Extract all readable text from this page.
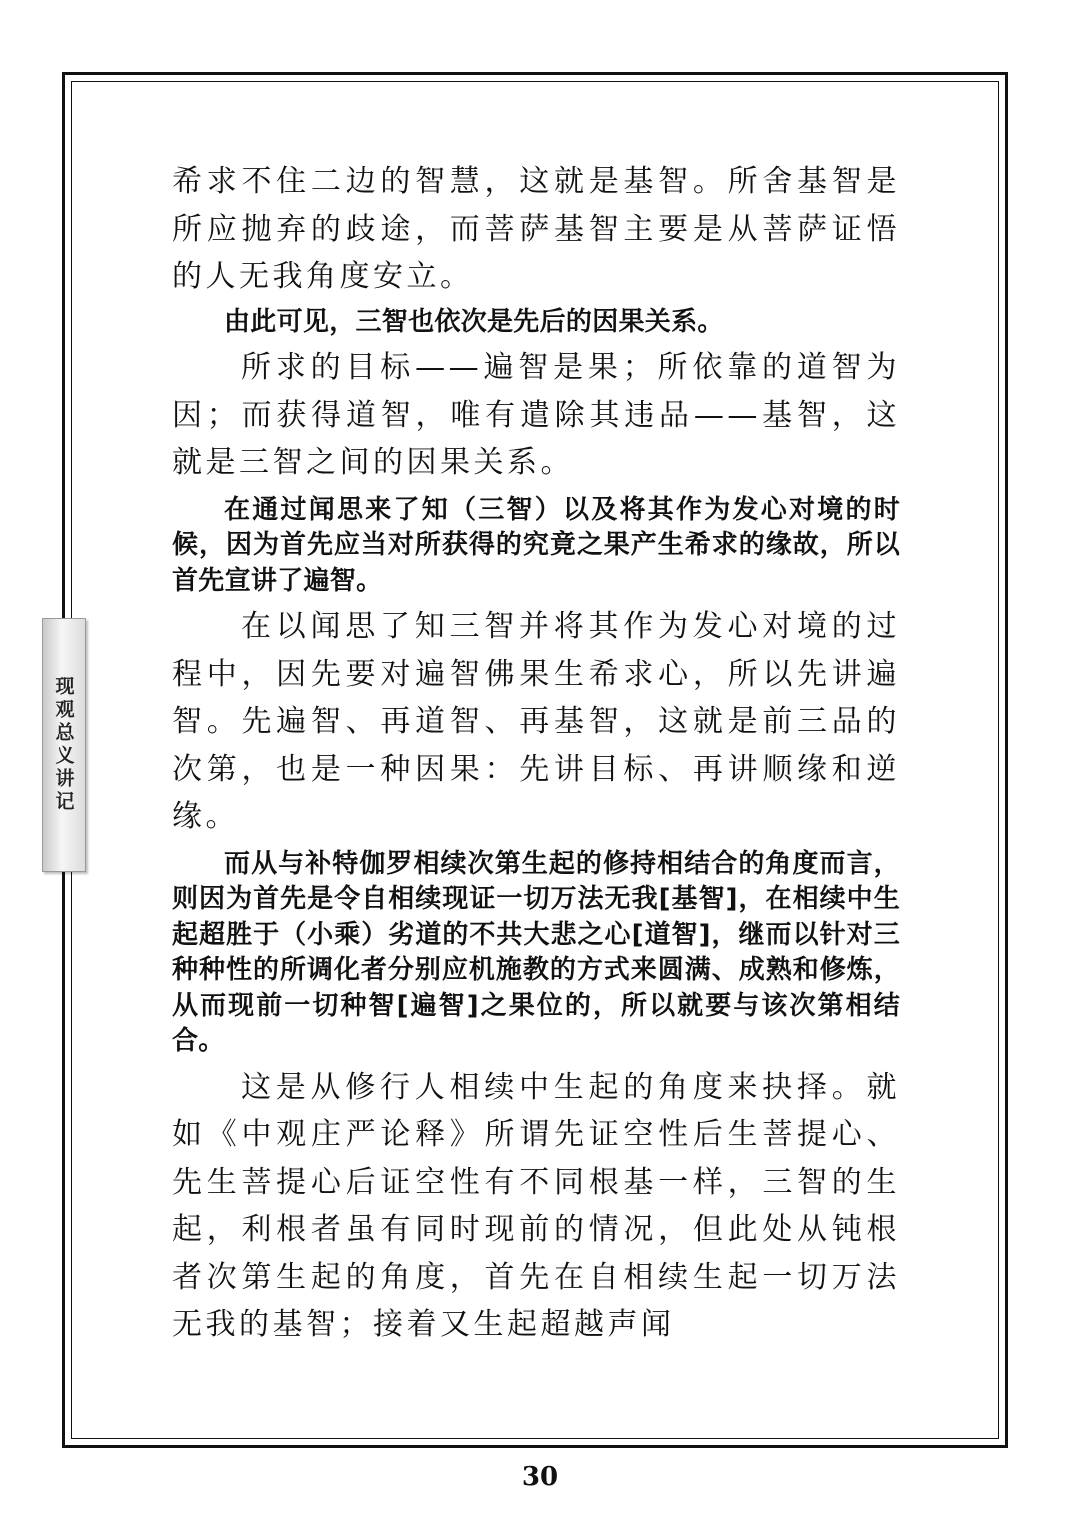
现观总义讲记

希求不住二边的智慧，这就是基智。所舍基智是所应抛弃的歧途，而菩萨基智主要是从菩萨证悟的人无我角度安立。

由此可见，三智也依次是先后的因果关系。

所求的目标——遍智是果；所依靠的道智为因；而获得道智，唯有遣除其违品——基智，这就是三智之间的因果关系。

在通过闻思来了知（三智）以及将其作为发心对境的时候，因为首先应当对所获得的究竟之果产生希求的缘故，所以首先宣讲了遍智。

在以闻思了知三智并将其作为发心对境的过程中，因先要对遍智佛果生希求心，所以先讲遍智。先遍智、再道智、再基智，这就是前三品的次第，也是一种因果：先讲目标、再讲顺缘和逆缘。

而从与补特伽罗相续次第生起的修持相结合的角度而言，则因为首先是令自相续现证一切万法无我[基智]，在相续中生起超胜于（小乘）劣道的不共大悲之心[道智]，继而以针对三种种性的所调化者分别应机施教的方式来圆满、成熟和修炼，从而现前一切种智[遍智]之果位的，所以就要与该次第相结合。

这是从修行人相续中生起的角度来抉择。就如《中观庄严论释》所谓先证空性后生菩提心、先生菩提心后证空性有不同根基一样，三智的生起，利根者虽有同时现前的情况，但此处从钝根者次第生起的角度，首先在自相续生起一切万法无我的基智；接着又生起超越声闻

30
